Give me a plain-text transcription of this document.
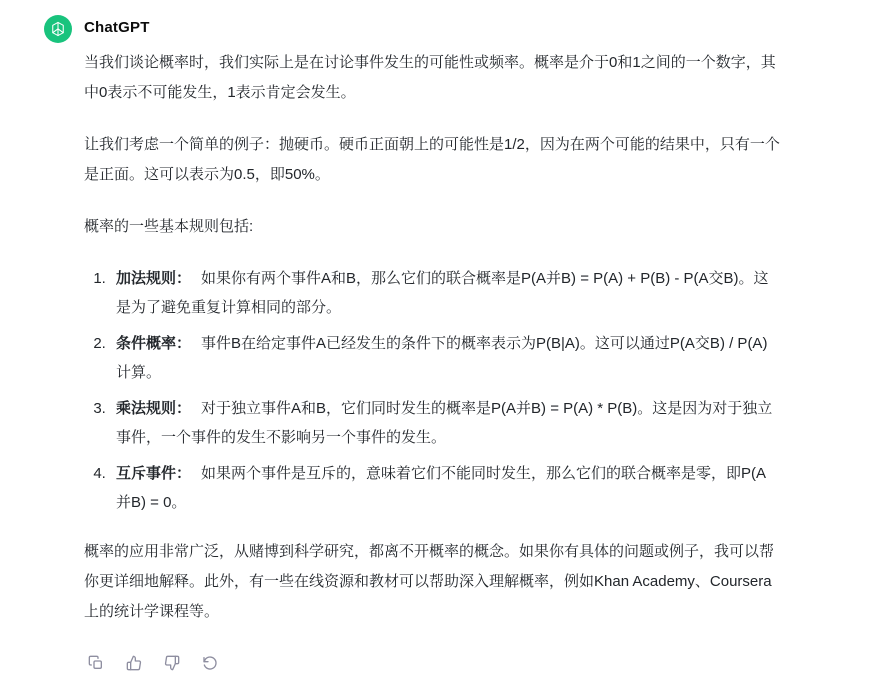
ChatGPT

当我们谈论概率时，我们实际上是在讨论事件发生的可能性或频率。概率是介于0和1之间的一个数字，其中0表示不可能发生，1表示肯定会发生。

让我们考虑一个简单的例子：抛硬币。硬币正面朝上的可能性是1/2，因为在两个可能的结果中，只有一个是正面。这可以表示为0.5，即50%。

概率的一些基本规则包括:

1. 加法规则： 如果你有两个事件A和B，那么它们的联合概率是P(A并B) = P(A) + P(B) - P(A交B)。这是为了避免重复计算相同的部分。
2. 条件概率： 事件B在给定事件A已经发生的条件下的概率表示为P(B|A)。这可以通过P(A交B) / P(A)计算。
3. 乘法规则： 对于独立事件A和B，它们同时发生的概率是P(A并B) = P(A) * P(B)。这是因为对于独立事件，一个事件的发生不影响另一个事件的发生。
4. 互斥事件： 如果两个事件是互斥的，意味着它们不能同时发生，那么它们的联合概率是零，即P(A并B) = 0。

概率的应用非常广泛，从赌博到科学研究，都离不开概率的概念。如果你有具体的问题或例子，我可以帮你更详细地解释。此外，有一些在线资源和教材可以帮助深入理解概率，例如Khan Academy、Coursera上的统计学课程等。
